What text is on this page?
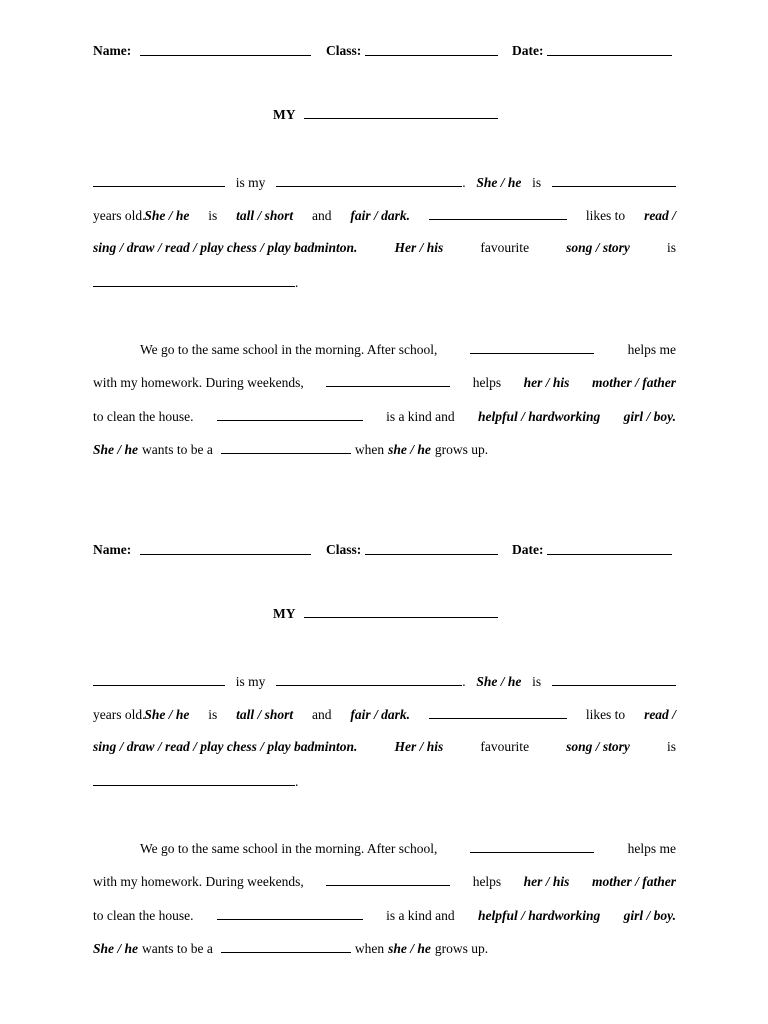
Name:	Class:	Date:
MY
is my	. She / he is
years old.
She / he is tall / short and fair / dark.	likes to read /
sing / draw / read / play chess / play badminton.	Her / his	favourite	song / story	is
.
We go to the same school in the morning. After school,	helps me
with my homework. During weekends,	helps her / his mother / father
to clean the house.	is a kind and helpful / hardworking girl / boy.
She / he wants to be a	when she / he grows up.
Name:	Class:	Date:
MY
is my	. She / he is
years old.
She / he is tall / short and fair / dark.	likes to read /
sing / draw / read / play chess / play badminton.	Her / his	favourite	song / story	is
.
We go to the same school in the morning. After school,	helps me
with my homework. During weekends,	helps her / his mother / father
to clean the house.	is a kind and helpful / hardworking girl / boy.
She / he wants to be a	when she / he grows up.
